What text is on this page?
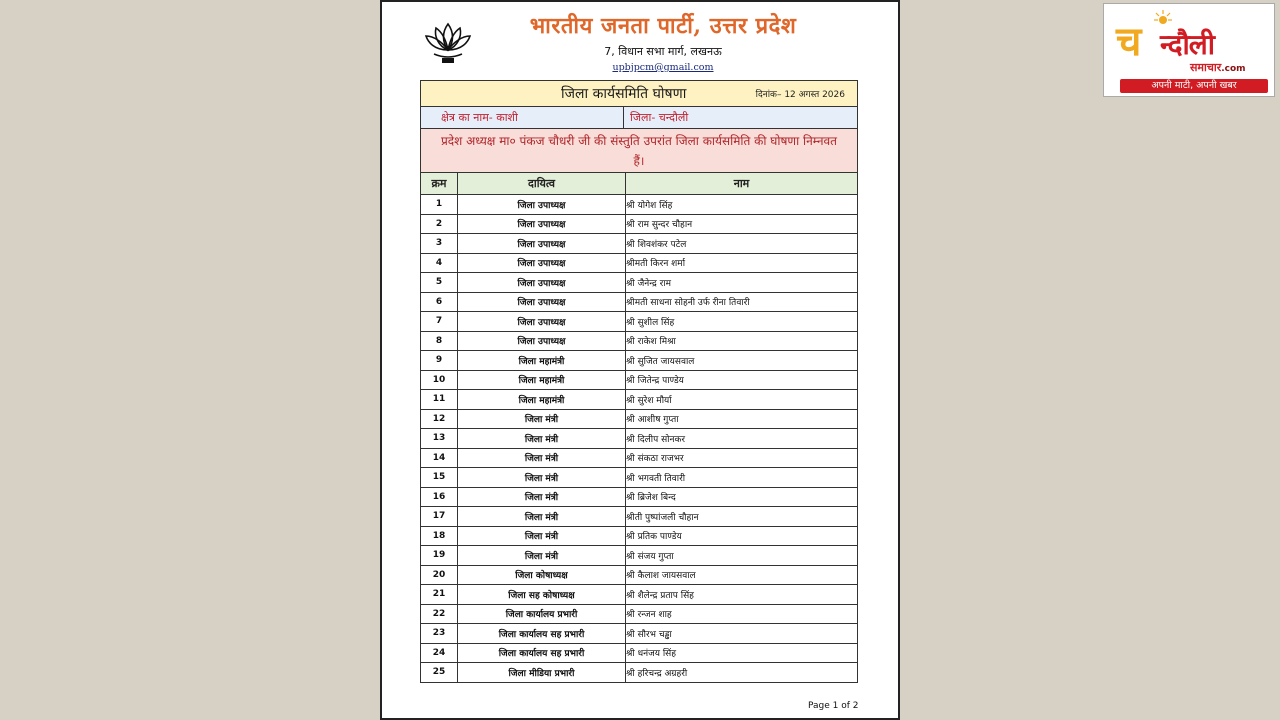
भारतीय जनता पार्टी, उत्तर प्रदेश
7, विधान सभा मार्ग, लखनऊ
upbjpcm@gmail.com
जिला कार्यसमिति घोषणा	दिनांक– 12 अगस्त 2026
क्षेत्र का नाम- काशी	जिला- चन्दौली
प्रदेश अध्यक्ष मा० पंकज चौधरी जी की संस्तुति उपरांत जिला कार्यसमिति की घोषणा निम्नवत हैं।
क्रम	दायित्व	नाम
1	जिला उपाध्यक्ष	श्री योगेश सिंह
2	जिला उपाध्यक्ष	श्री राम सुन्दर चौहान
3	जिला उपाध्यक्ष	श्री शिवशंकर पटेल
4	जिला उपाध्यक्ष	श्रीमती किरन शर्मा
5	जिला उपाध्यक्ष	श्री जैनेन्द्र राम
6	जिला उपाध्यक्ष	श्रीमती साधना सोहनी उर्फ रीना तिवारी
7	जिला उपाध्यक्ष	श्री सुशील सिंह
8	जिला उपाध्यक्ष	श्री राकेश मिश्रा
9	जिला महामंत्री	श्री सुजित जायसवाल
10	जिला महामंत्री	श्री जितेन्द्र पाण्डेय
11	जिला महामंत्री	श्री सुरेश मौर्या
12	जिला मंत्री	श्री आशीष गुप्ता
13	जिला मंत्री	श्री दिलीप सोनकर
14	जिला मंत्री	श्री संकठा राजभर
15	जिला मंत्री	श्री भगवती तिवारी
16	जिला मंत्री	श्री ब्रिजेश बिन्द
17	जिला मंत्री	श्रीती पुष्पांजली चौहान
18	जिला मंत्री	श्री प्रतिक पाण्डेय
19	जिला मंत्री	श्री संजय गुप्ता
20	जिला कोषाध्यक्ष	श्री कैलाश जायसवाल
21	जिला सह कोषाध्यक्ष	श्री शैलेन्द्र प्रताप सिंह
22	जिला कार्यालय प्रभारी	श्री रन्जन शाह
23	जिला कार्यालय सह प्रभारी	श्री सौरभ चड्ढा
24	जिला कार्यालय सह प्रभारी	श्री धनंजय सिंह
25	जिला मीडिया प्रभारी	श्री हरिचन्द्र अग्रहरी
Page 1 of 2
च न्दौली
समाचार.com
अपनी माटी, अपनी खबर
